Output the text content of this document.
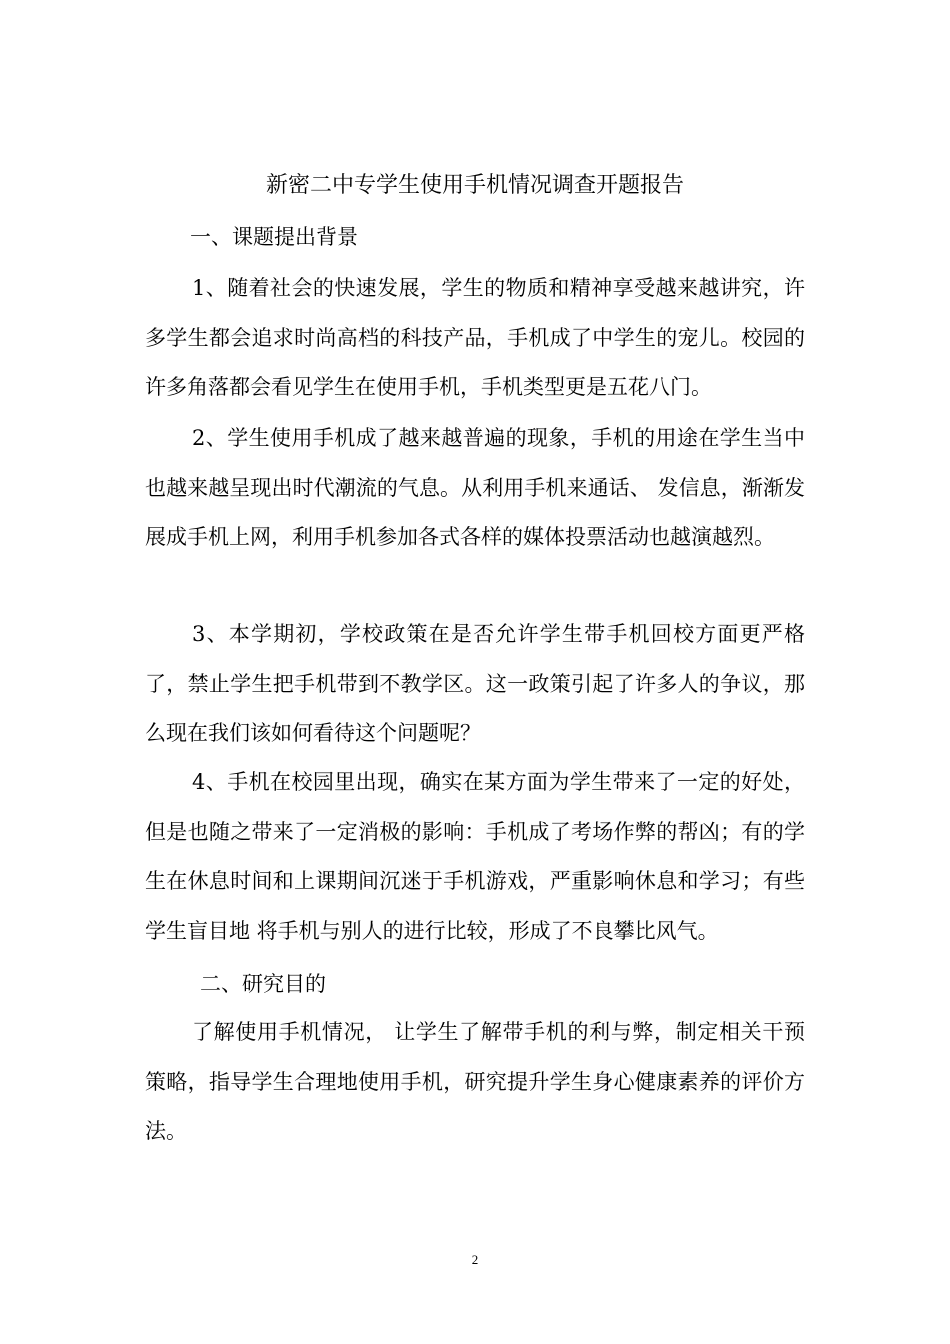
新密二中专学生使用手机情况调查开题报告
一、课题提出背景

1、随着社会的快速发展，学生的物质和精神享受越来越讲究，许多学生都会追求时尚高档的科技产品，手机成了中学生的宠儿。校园的许多角落都会看见学生在使用手机，手机类型更是五花八门。

2、学生使用手机成了越来越普遍的现象，手机的用途在学生当中也越来越呈现出时代潮流的气息。从利用手机来通话、 发信息，渐渐发展成手机上网，利用手机参加各式各样的媒体投票活动也越演越烈。

3、本学期初，学校政策在是否允许学生带手机回校方面更严格了，禁止学生把手机带到不教学区。这一政策引起了许多人的争议，那么现在我们该如何看待这个问题呢？

4、手机在校园里出现，确实在某方面为学生带来了一定的好处，但是也随之带来了一定消极的影响：手机成了考场作弊的帮凶；有的学生在休息时间和上课期间沉迷于手机游戏，严重影响休息和学习；有些学生盲目地 将手机与别人的进行比较，形成了不良攀比风气。

二、研究目的

了解使用手机情况， 让学生了解带手机的利与弊，制定相关干预策略，指导学生合理地使用手机，研究提升学生身心健康素养的评价方法。

2
